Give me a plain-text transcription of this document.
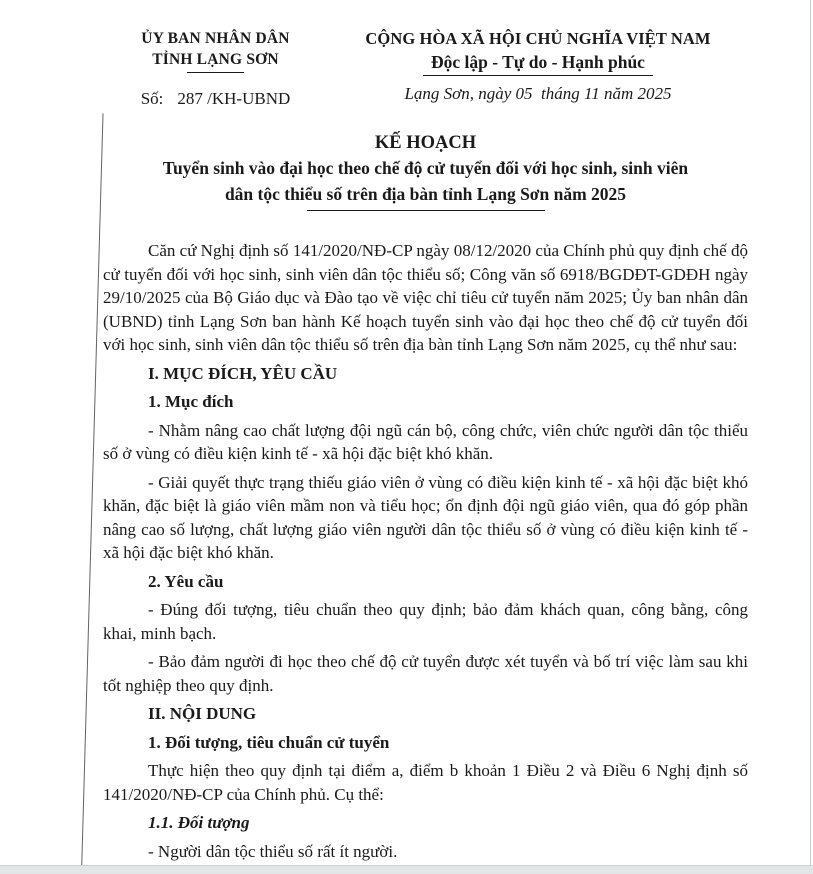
ỦY BAN NHÂN DÂN
TỈNH LẠNG SƠN
Số: 287 /KH-UBND
CỘNG HÒA XÃ HỘI CHỦ NGHĨA VIỆT NAM
Độc lập - Tự do - Hạnh phúc
Lạng Sơn, ngày 05  tháng 11 năm 2025
KẾ HOẠCH
Tuyển sinh vào đại học theo chế độ cử tuyển đối với học sinh, sinh viên
dân tộc thiểu số trên địa bàn tỉnh Lạng Sơn năm 2025

Căn cứ Nghị định số 141/2020/NĐ-CP ngày 08/12/2020 của Chính phủ quy định chế độ cử tuyển đối với học sinh, sinh viên dân tộc thiểu số; Công văn số 6918/BGDĐT-GDĐH ngày 29/10/2025 của Bộ Giáo dục và Đào tạo về việc chỉ tiêu cử tuyển năm 2025; Ủy ban nhân dân (UBND) tỉnh Lạng Sơn ban hành Kế hoạch tuyển sinh vào đại học theo chế độ cử tuyển đối với học sinh, sinh viên dân tộc thiểu số trên địa bàn tỉnh Lạng Sơn năm 2025, cụ thể như sau:

I. MỤC ĐÍCH, YÊU CẦU
1. Mục đích

- Nhằm nâng cao chất lượng đội ngũ cán bộ, công chức, viên chức người dân tộc thiểu số ở vùng có điều kiện kinh tế - xã hội đặc biệt khó khăn.

- Giải quyết thực trạng thiếu giáo viên ở vùng có điều kiện kinh tế - xã hội đặc biệt khó khăn, đặc biệt là giáo viên mầm non và tiểu học; ổn định đội ngũ giáo viên, qua đó góp phần nâng cao số lượng, chất lượng giáo viên người dân tộc thiểu số ở vùng có điều kiện kinh tế - xã hội đặc biệt khó khăn.

2. Yêu cầu

- Đúng đối tượng, tiêu chuẩn theo quy định; bảo đảm khách quan, công bằng, công khai, minh bạch.

- Bảo đảm người đi học theo chế độ cử tuyển được xét tuyển và bố trí việc làm sau khi tốt nghiệp theo quy định.

II. NỘI DUNG
1. Đối tượng, tiêu chuẩn cử tuyển

Thực hiện theo quy định tại điểm a, điểm b khoản 1 Điều 2 và Điều 6 Nghị định số 141/2020/NĐ-CP của Chính phủ. Cụ thể:

1.1. Đối tượng

- Người dân tộc thiểu số rất ít người.
